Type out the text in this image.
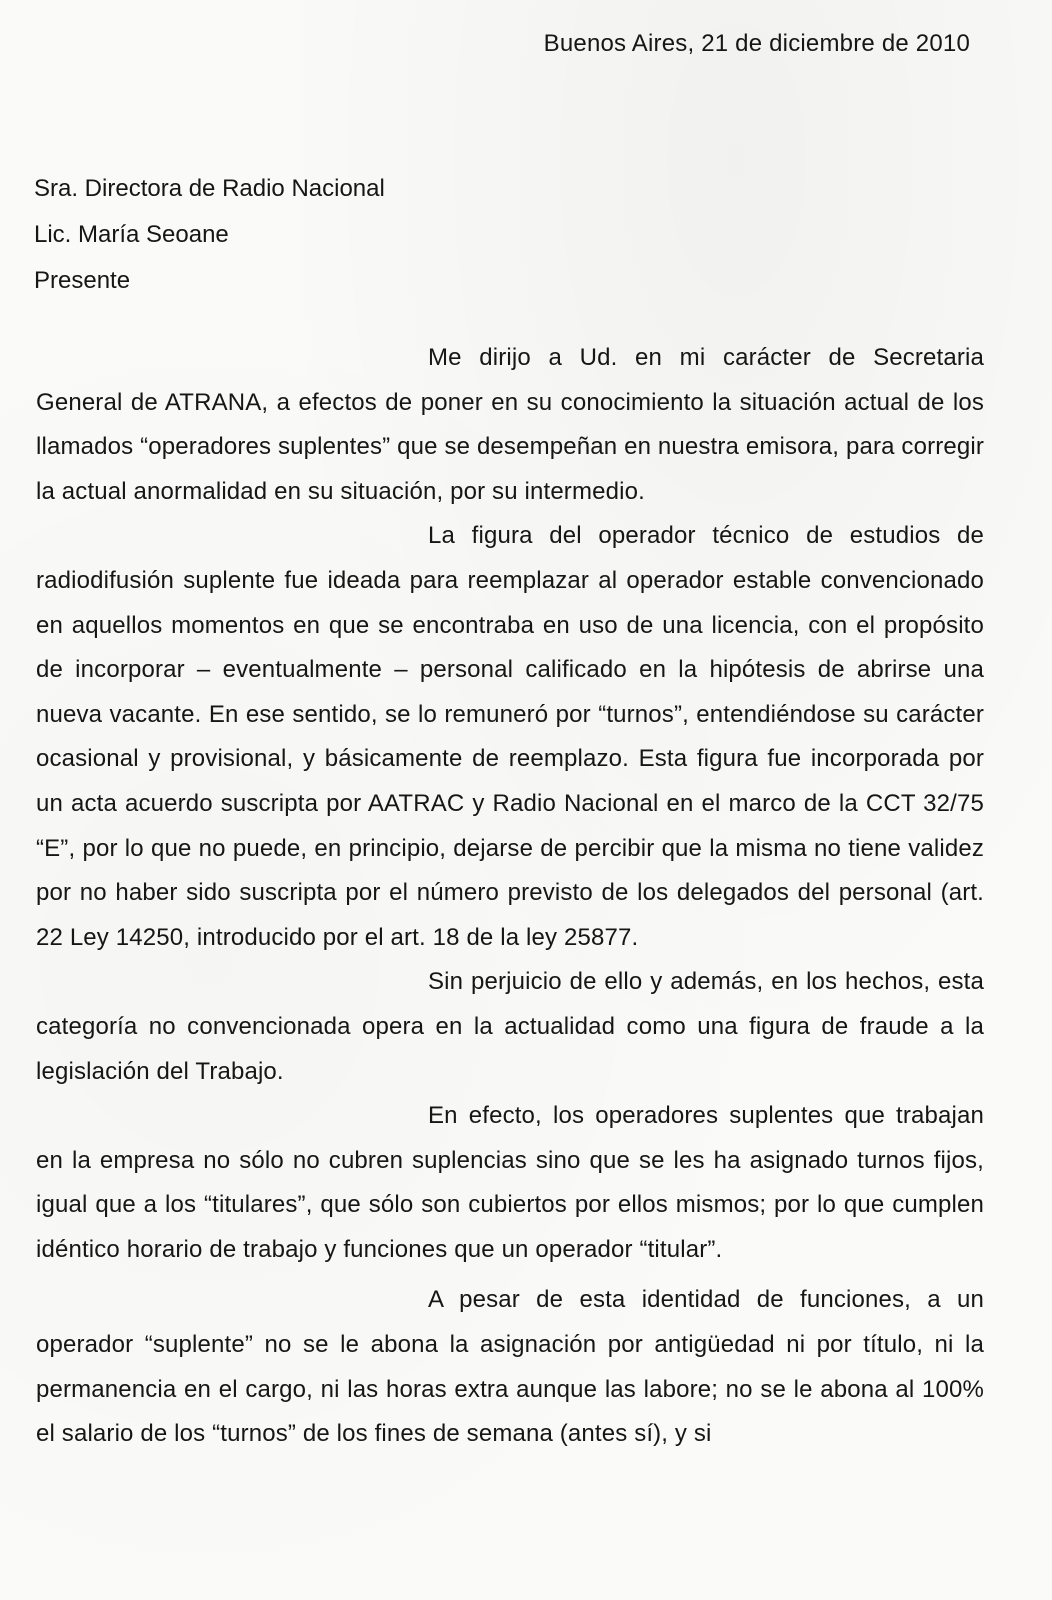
Buenos Aires, 21 de diciembre de 2010
Sra. Directora de Radio Nacional
Lic. María Seoane
Presente

Me dirijo a Ud. en mi carácter de Secretaria General de ATRANA, a efectos de poner en su conocimiento la situación actual de los llamados “operadores suplentes” que se desempeñan en nuestra emisora, para corregir la actual anormalidad en su situación, por su intermedio.

La figura del operador técnico de estudios de radiodifusión suplente fue ideada para reemplazar al operador estable convencionado en aquellos momentos en que se encontraba en uso de una licencia, con el propósito de incorporar – eventualmente – personal calificado en la hipótesis de abrirse una nueva vacante. En ese sentido, se lo remuneró por “turnos”, entendiéndose su carácter ocasional y provisional, y básicamente de reemplazo. Esta figura fue incorporada por un acta acuerdo suscripta por AATRAC y Radio Nacional en el marco de la CCT 32/75 “E”, por lo que no puede, en principio, dejarse de percibir que la misma no tiene validez por no haber sido suscripta por el número previsto de los delegados del personal (art. 22 Ley 14250, introducido por el art. 18 de la ley 25877.

Sin perjuicio de ello y además, en los hechos, esta categoría no convencionada opera en la actualidad como una figura de fraude a la legislación del Trabajo.

En efecto, los operadores suplentes que trabajan en la empresa no sólo no cubren suplencias sino que se les ha asignado turnos fijos, igual que a los “titulares”, que sólo son cubiertos por ellos mismos; por lo que cumplen idéntico horario de trabajo y funciones que un operador “titular”.

A pesar de esta identidad de funciones, a un operador “suplente” no se le abona la asignación por antigüedad ni por título, ni la permanencia en el cargo, ni las horas extra aunque las labore; no se le abona al 100% el salario de los “turnos” de los fines de semana (antes sí), y si
